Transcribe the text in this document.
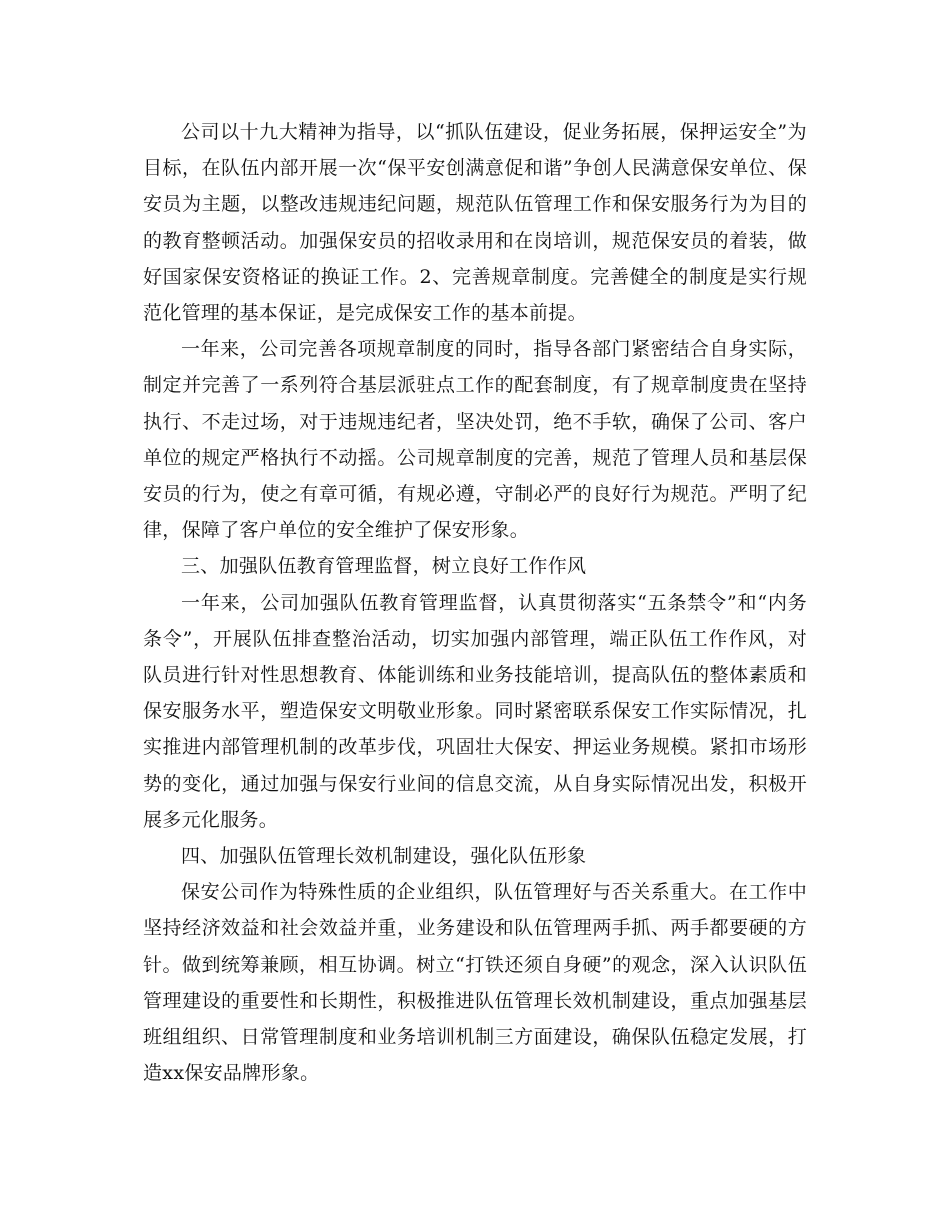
公司以十九大精神为指导，以“抓队伍建设，促业务拓展，保押运安全”为目标，在队伍内部开展一次“保平安创满意促和谐”争创人民满意保安单位、保安员为主题，以整改违规违纪问题，规范队伍管理工作和保安服务行为为目的的教育整顿活动。加强保安员的招收录用和在岗培训，规范保安员的着装，做好国家保安资格证的换证工作。2、完善规章制度。完善健全的制度是实行规范化管理的基本保证，是完成保安工作的基本前提。

一年来，公司完善各项规章制度的同时，指导各部门紧密结合自身实际，制定并完善了一系列符合基层派驻点工作的配套制度，有了规章制度贵在坚持执行、不走过场，对于违规违纪者，坚决处罚，绝不手软，确保了公司、客户单位的规定严格执行不动摇。公司规章制度的完善，规范了管理人员和基层保安员的行为，使之有章可循，有规必遵，守制必严的良好行为规范。严明了纪律，保障了客户单位的安全维护了保安形象。

三、加强队伍教育管理监督，树立良好工作作风

一年来，公司加强队伍教育管理监督，认真贯彻落实“五条禁令”和“内务条令”，开展队伍排查整治活动，切实加强内部管理，端正队伍工作作风，对队员进行针对性思想教育、体能训练和业务技能培训，提高队伍的整体素质和保安服务水平，塑造保安文明敬业形象。同时紧密联系保安工作实际情况，扎实推进内部管理机制的改革步伐，巩固壮大保安、押运业务规模。紧扣市场形势的变化，通过加强与保安行业间的信息交流，从自身实际情况出发，积极开展多元化服务。

四、加强队伍管理长效机制建设，强化队伍形象

保安公司作为特殊性质的企业组织，队伍管理好与否关系重大。在工作中坚持经济效益和社会效益并重，业务建设和队伍管理两手抓、两手都要硬的方针。做到统筹兼顾，相互协调。树立“打铁还须自身硬”的观念，深入认识队伍管理建设的重要性和长期性，积极推进队伍管理长效机制建设，重点加强基层班组组织、日常管理制度和业务培训机制三方面建设，确保队伍稳定发展，打造xx保安品牌形象。
